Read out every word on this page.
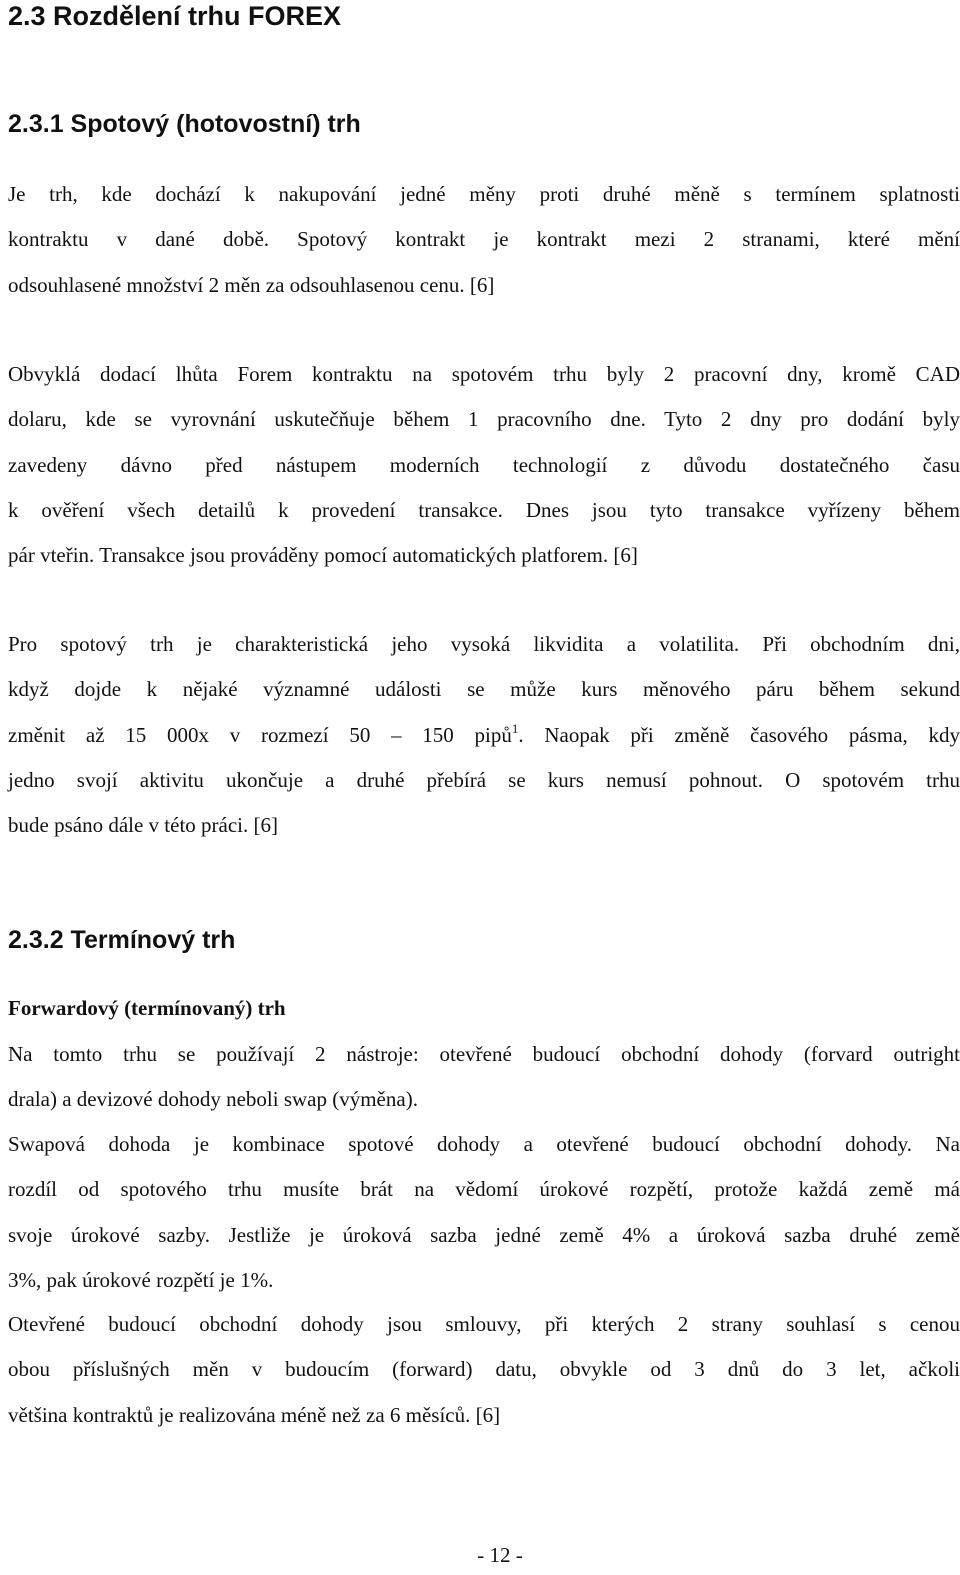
2.3 Rozdělení trhu FOREX
2.3.1 Spotový (hotovostní) trh
Je trh, kde dochází k nakupování jedné měny proti druhé měně s termínem splatnosti
kontraktu v dané době. Spotový kontrakt je kontrakt mezi 2 stranami, které mění
odsouhlasené množství 2 měn za odsouhlasenou cenu. [6]
Obvyklá dodací lhůta Forem kontraktu na spotovém trhu byly 2 pracovní dny, kromě CAD
dolaru, kde se vyrovnání uskutečňuje během 1 pracovního dne. Tyto 2 dny pro dodání byly
zavedeny dávno před nástupem moderních technologií z důvodu dostatečného času
k ověření všech detailů k provedení transakce. Dnes jsou tyto transakce vyřízeny během
pár vteřin. Transakce jsou prováděny pomocí automatických platforem. [6]
Pro spotový trh je charakteristická jeho vysoká likvidita a volatilita. Při obchodním dni,
když dojde k nějaké významné události se může kurs měnového páru během sekund
změnit až 15 000x v rozmezí 50 – 150 pipů$^1$. Naopak při změně časového pásma, kdy
jedno svojí aktivitu ukončuje a druhé přebírá se kurs nemusí pohnout. O spotovém trhu
bude psáno dále v této práci. [6]
2.3.2 Termínový trh
Forwardový (termínovaný) trh
Na tomto trhu se používají 2 nástroje: otevřené budoucí obchodní dohody (forvard outright
drala) a devizové dohody neboli swap (výměna).
Swapová dohoda je kombinace spotové dohody a otevřené budoucí obchodní dohody. Na
rozdíl od spotového trhu musíte brát na vědomí úrokové rozpětí, protože každá země má
svoje úrokové sazby. Jestliže je úroková sazba jedné země 4% a úroková sazba druhé země
3%, pak úrokové rozpětí je 1%.
Otevřené budoucí obchodní dohody jsou smlouvy, při kterých 2 strany souhlasí s cenou
obou příslušných měn v budoucím (forward) datu, obvykle od 3 dnů do 3 let, ačkoli
většina kontraktů je realizována méně než za 6 měsíců. [6]
- 12 -
